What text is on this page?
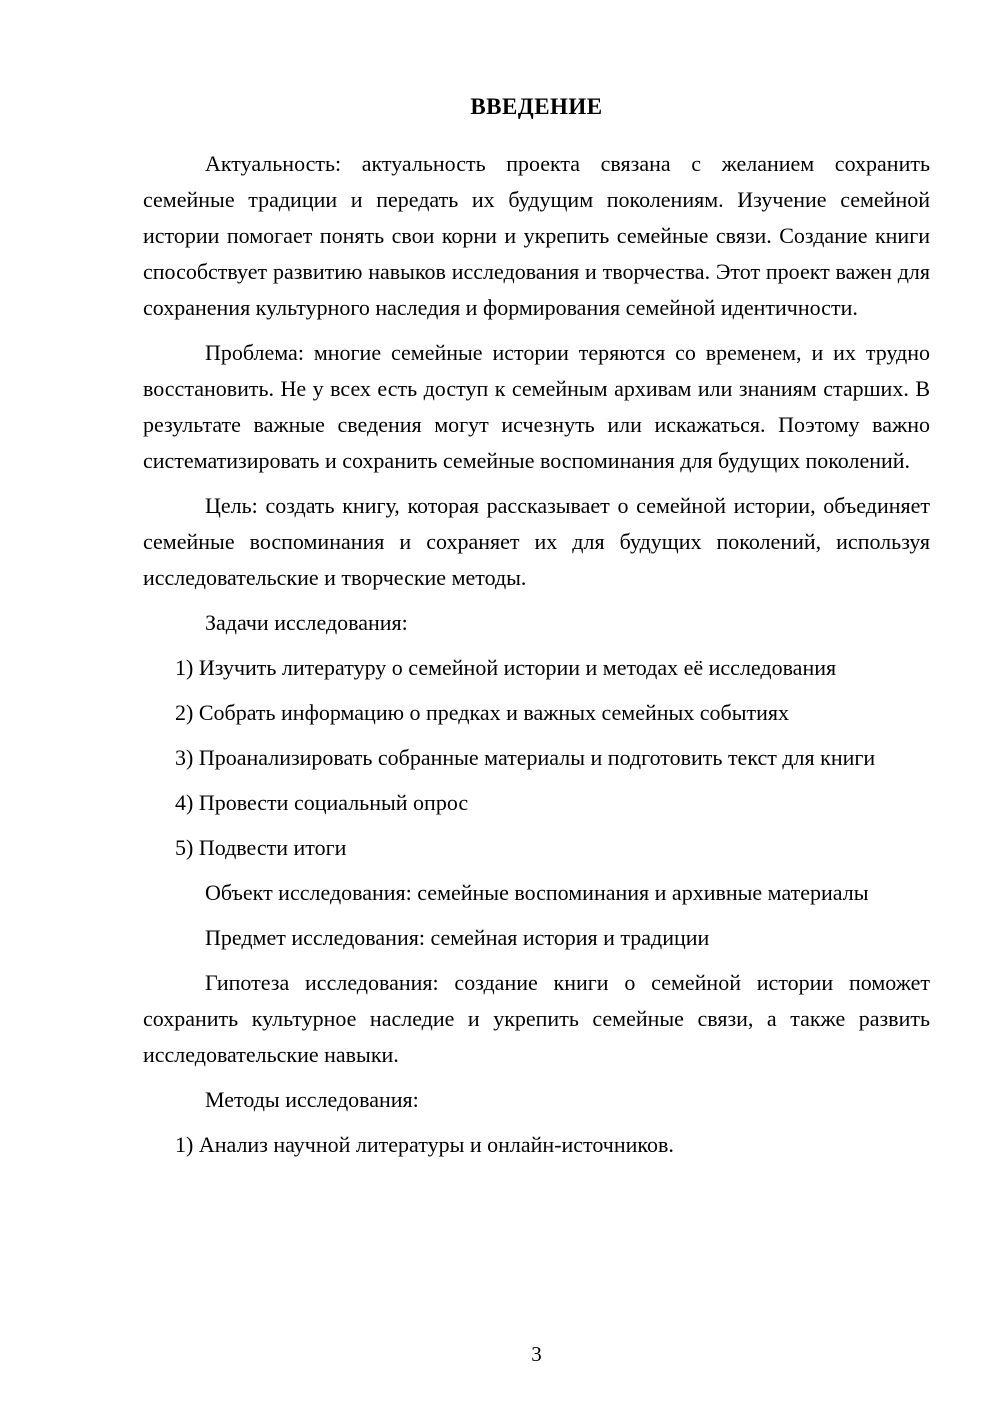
ВВЕДЕНИЕ

Актуальность: актуальность проекта связана с желанием сохранить семейные традиции и передать их будущим поколениям. Изучение семейной истории помогает понять свои корни и укрепить семейные связи. Создание книги способствует развитию навыков исследования и творчества. Этот проект важен для сохранения культурного наследия и формирования семейной идентичности.

Проблема: многие семейные истории теряются со временем, и их трудно восстановить. Не у всех есть доступ к семейным архивам или знаниям старших. В результате важные сведения могут исчезнуть или искажаться. Поэтому важно систематизировать и сохранить семейные воспоминания для будущих поколений.

Цель: создать книгу, которая рассказывает о семейной истории, объединяет семейные воспоминания и сохраняет их для будущих поколений, используя исследовательские и творческие методы.

Задачи исследования:

1) Изучить литературу о семейной истории и методах её исследования

2) Собрать информацию о предках и важных семейных событиях

3) Проанализировать собранные материалы и подготовить текст для книги

4) Провести социальный опрос

5) Подвести итоги

Объект исследования: семейные воспоминания и архивные материалы

Предмет исследования: семейная история и традиции

Гипотеза исследования: создание книги о семейной истории поможет сохранить культурное наследие и укрепить семейные связи, а также развить исследовательские навыки.

Методы исследования:

1) Анализ научной литературы и онлайн-источников.

3
